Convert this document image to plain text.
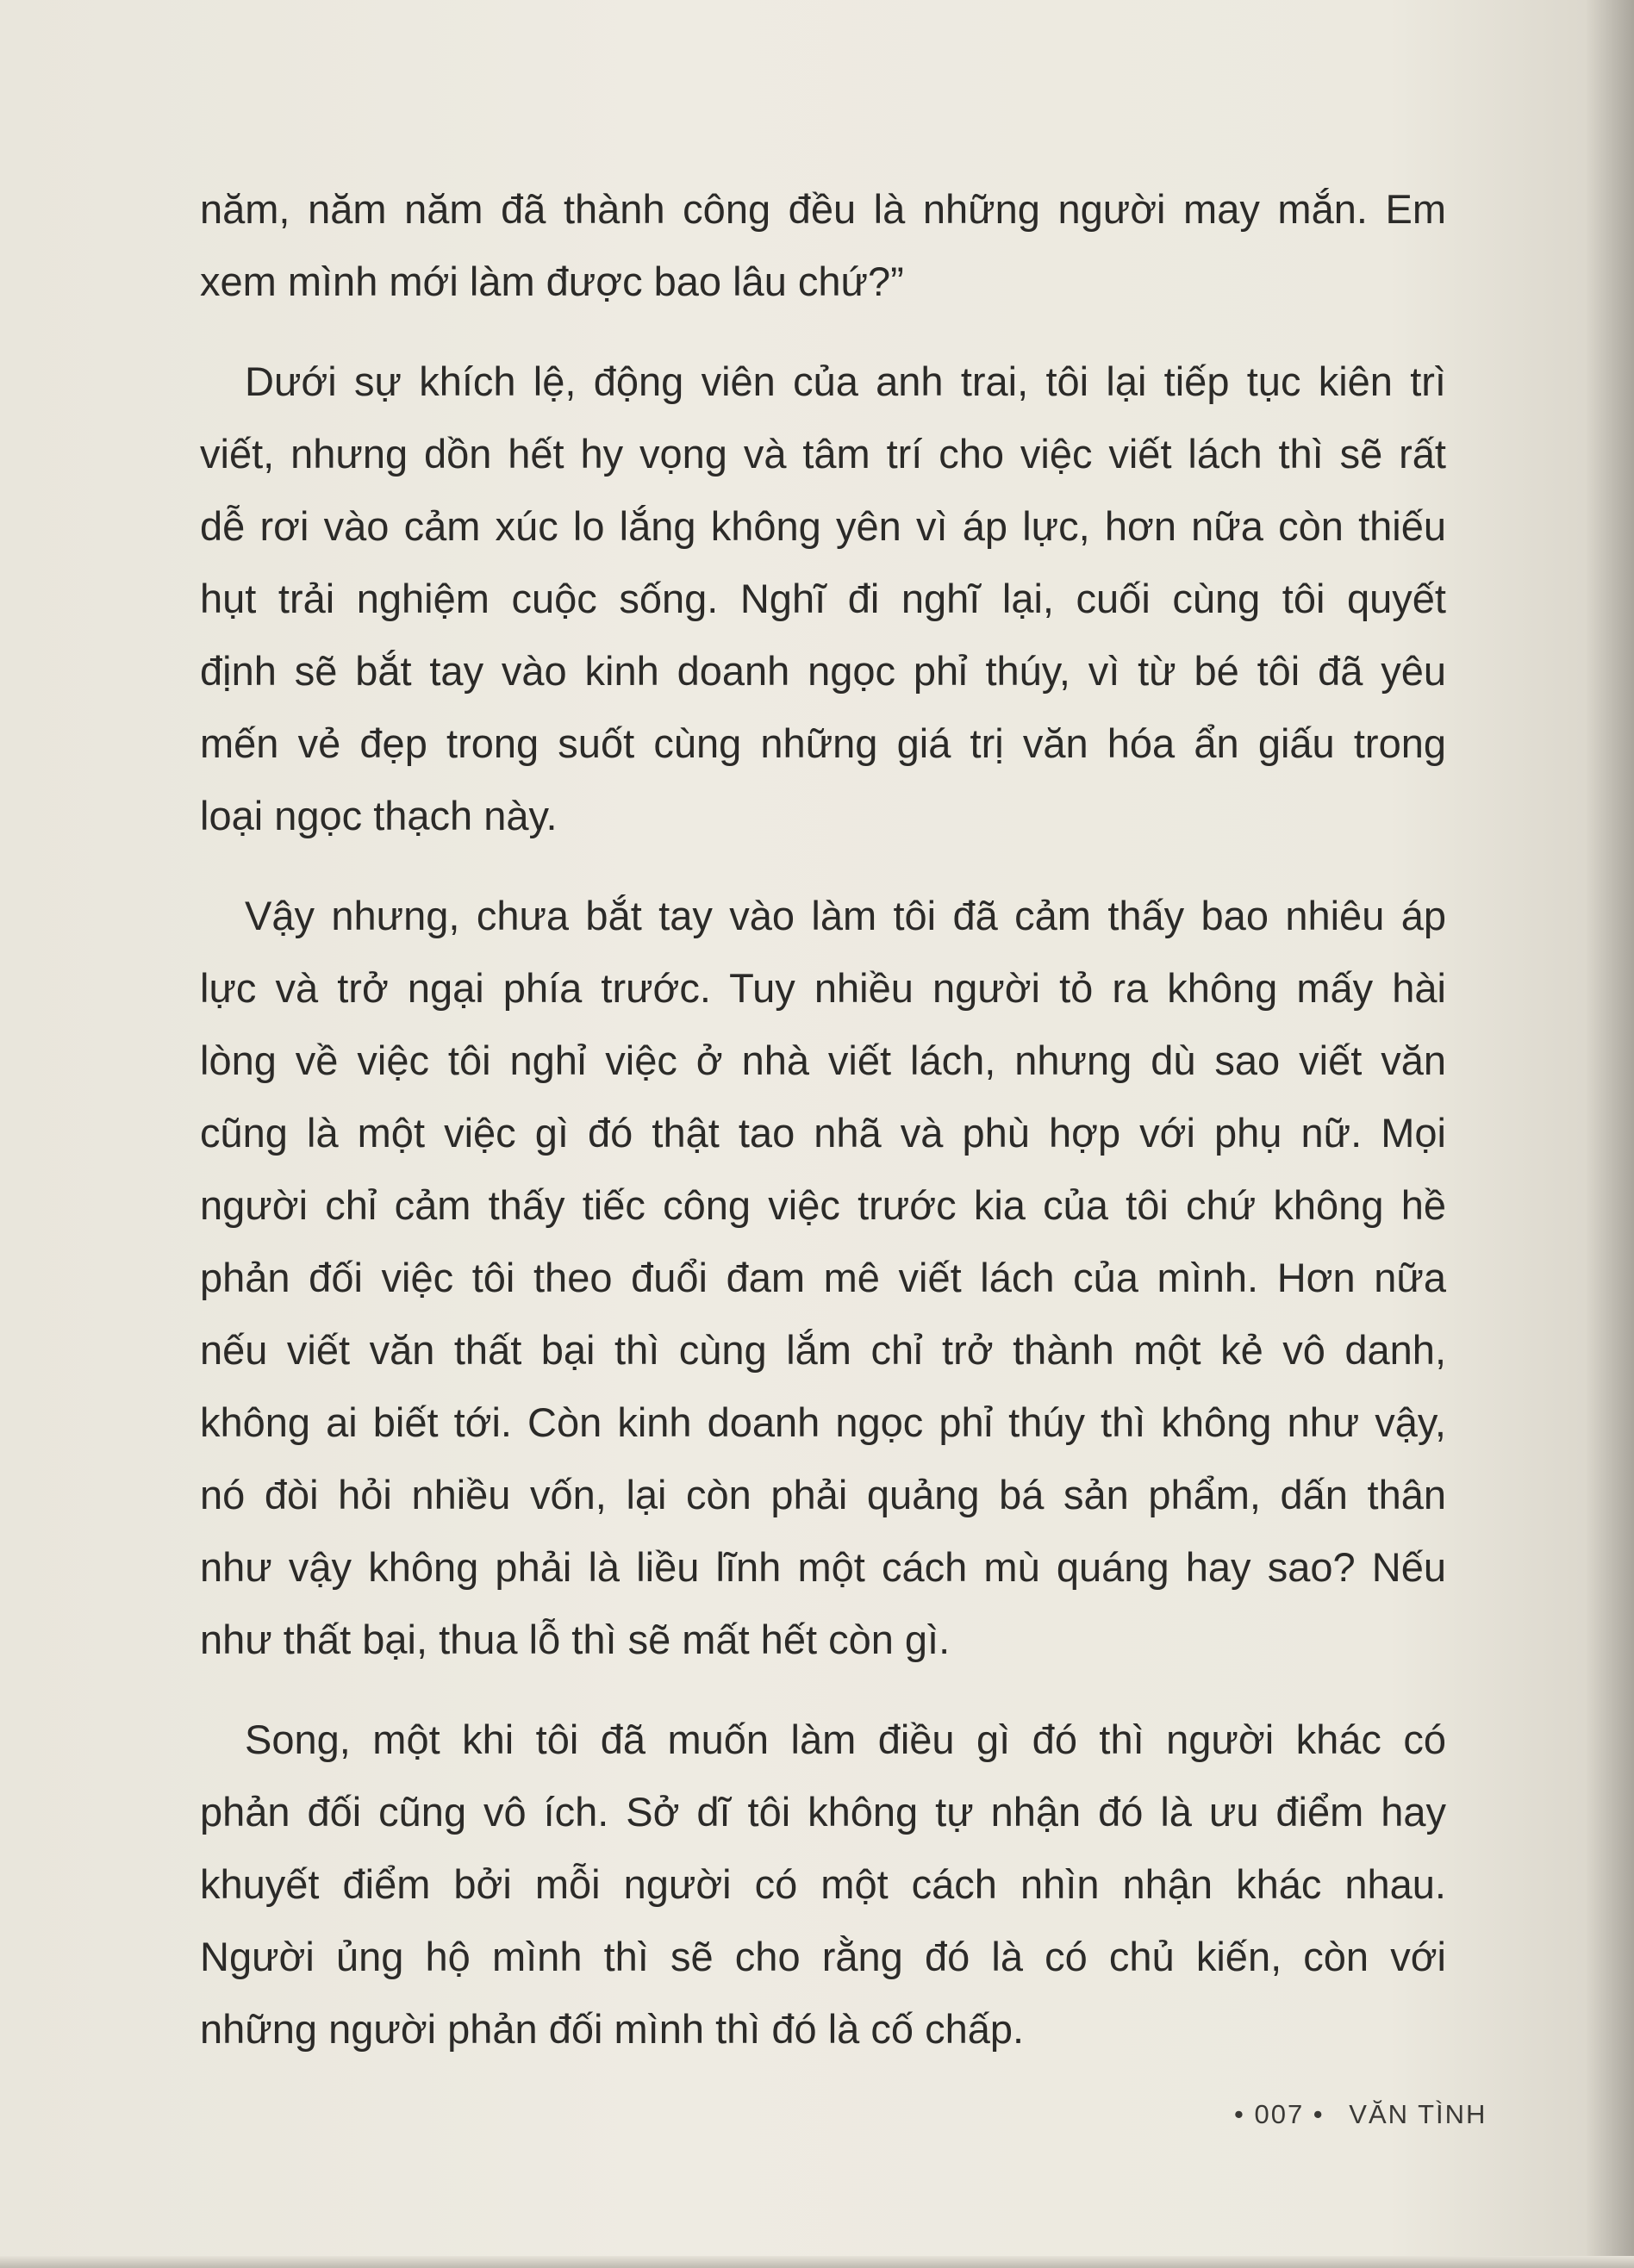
năm, năm năm đã thành công đều là những người may mắn. Em
xem mình mới làm được bao lâu chứ?”
Dưới sự khích lệ, động viên của anh trai, tôi lại tiếp tục kiên trì
viết, nhưng dồn hết hy vọng và tâm trí cho việc viết lách thì sẽ rất
dễ rơi vào cảm xúc lo lắng không yên vì áp lực, hơn nữa còn thiếu
hụt trải nghiệm cuộc sống. Nghĩ đi nghĩ lại, cuối cùng tôi quyết
định sẽ bắt tay vào kinh doanh ngọc phỉ thúy, vì từ bé tôi đã yêu
mến vẻ đẹp trong suốt cùng những giá trị văn hóa ẩn giấu trong
loại ngọc thạch này.
Vậy nhưng, chưa bắt tay vào làm tôi đã cảm thấy bao nhiêu áp
lực và trở ngại phía trước. Tuy nhiều người tỏ ra không mấy hài
lòng về việc tôi nghỉ việc ở nhà viết lách, nhưng dù sao viết văn
cũng là một việc gì đó thật tao nhã và phù hợp với phụ nữ. Mọi
người chỉ cảm thấy tiếc công việc trước kia của tôi chứ không hề
phản đối việc tôi theo đuổi đam mê viết lách của mình. Hơn nữa
nếu viết văn thất bại thì cùng lắm chỉ trở thành một kẻ vô danh,
không ai biết tới. Còn kinh doanh ngọc phỉ thúy thì không như vậy,
nó đòi hỏi nhiều vốn, lại còn phải quảng bá sản phẩm, dấn thân
như vậy không phải là liều lĩnh một cách mù quáng hay sao? Nếu
như thất bại, thua lỗ thì sẽ mất hết còn gì.
Song, một khi tôi đã muốn làm điều gì đó thì người khác có
phản đối cũng vô ích. Sở dĩ tôi không tự nhận đó là ưu điểm hay
khuyết điểm bởi mỗi người có một cách nhìn nhận khác nhau.
Người ủng hộ mình thì sẽ cho rằng đó là có chủ kiến, còn với
những người phản đối mình thì đó là cố chấp.
• 007 • VĂN TÌNH
